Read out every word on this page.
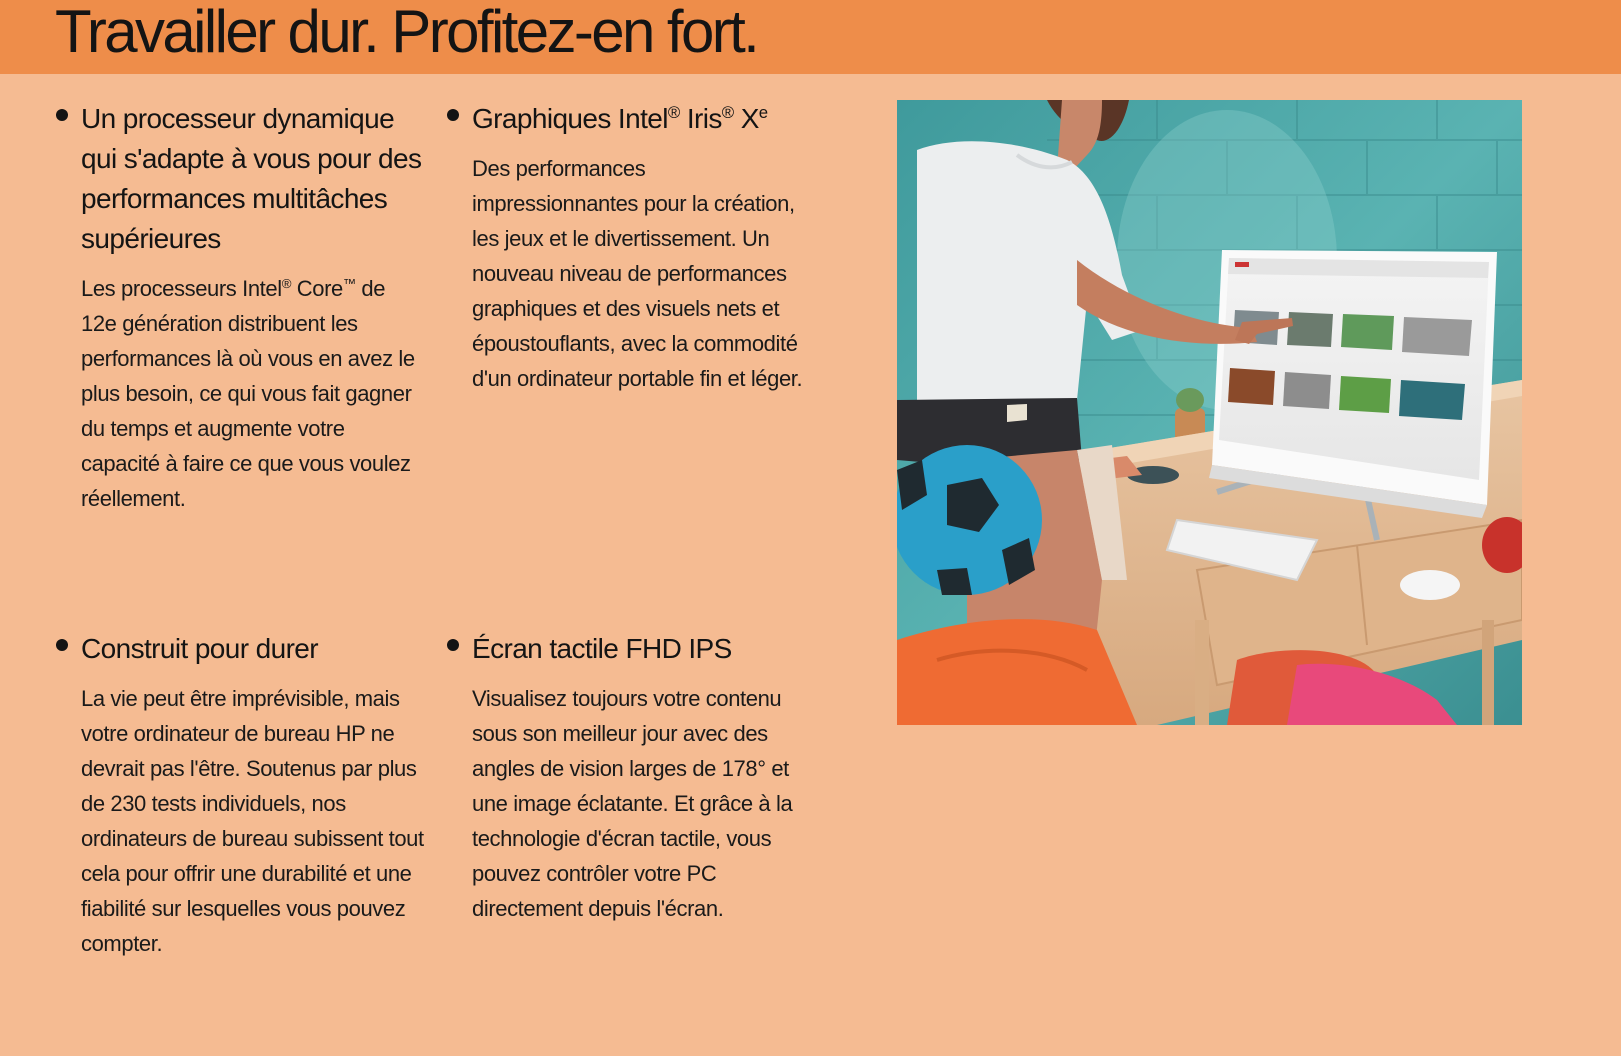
Travailler dur. Profitez-en fort.
Un processeur dynamique qui s'adapte à vous pour des performances multitâches supérieures

Les processeurs Intel® Core™ de 12e génération distribuent les performances là où vous en avez le plus besoin, ce qui vous fait gagner du temps et augmente votre capacité à faire ce que vous voulez réellement.

Graphiques Intel® Iris® Xe

Des performances impressionnantes pour la création, les jeux et le divertissement. Un nouveau niveau de performances graphiques et des visuels nets et époustouflants, avec la commodité d'un ordinateur portable fin et léger.

Construit pour durer

La vie peut être imprévisible, mais votre ordinateur de bureau HP ne devrait pas l'être. Soutenus par plus de 230 tests individuels, nos ordinateurs de bureau subissent tout cela pour offrir une durabilité et une fiabilité sur lesquelles vous pouvez compter.

Écran tactile FHD IPS

Visualisez toujours votre contenu sous son meilleur jour avec des angles de vision larges de 178° et une image éclatante. Et grâce à la technologie d'écran tactile, vous pouvez contrôler votre PC directement depuis l'écran.
